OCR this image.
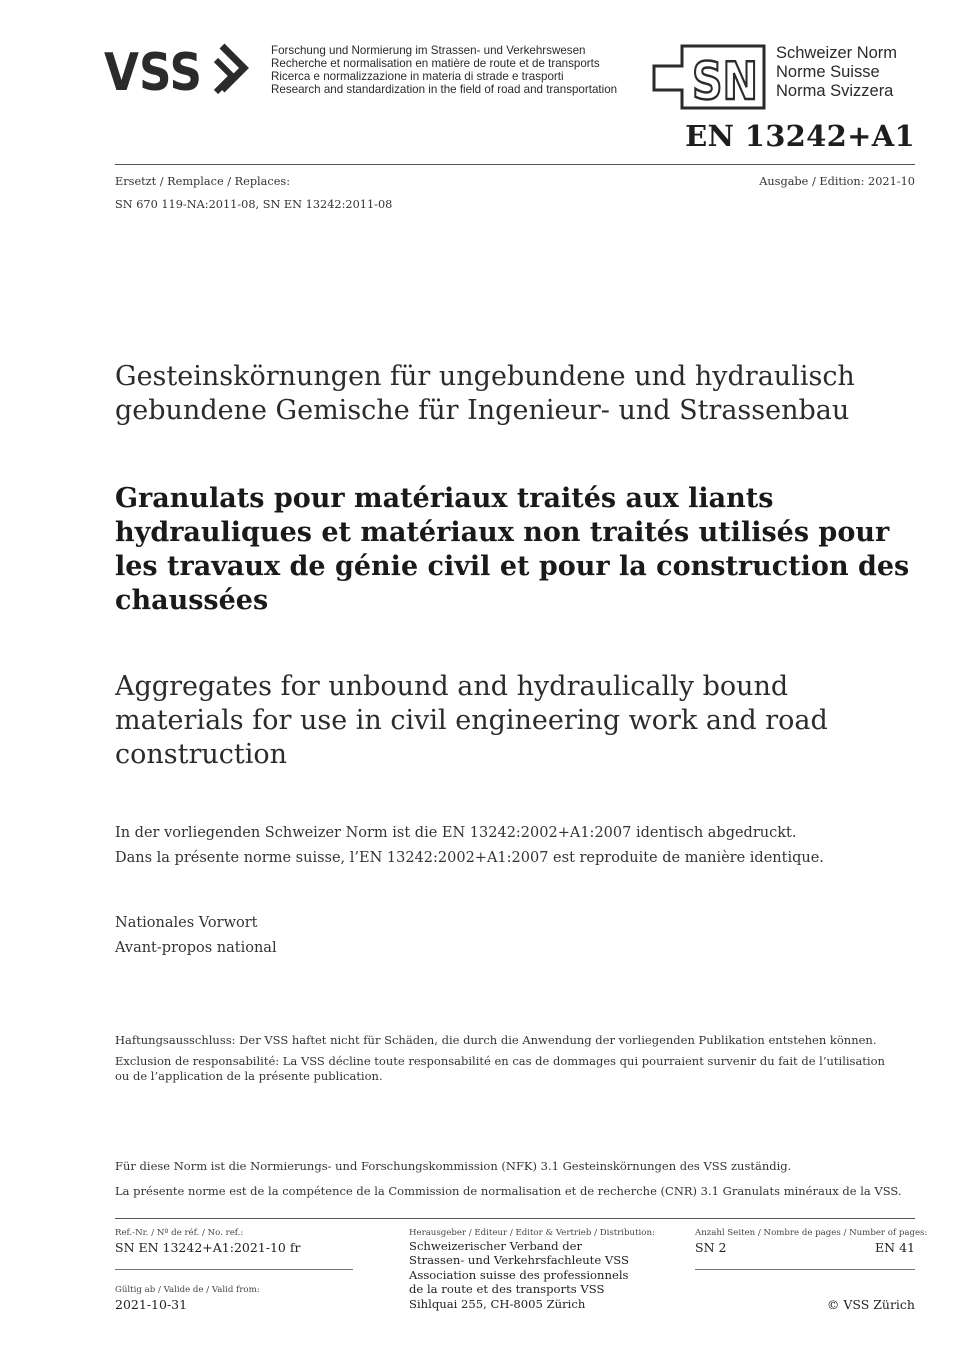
VSS	Forschung und Normierung im Strassen- und Verkehrswesen
Recherche et normalisation en matière de route et de transports
Ricerca e normalizzazione in materia di strade e trasporti
Research and standardization in the field of road and transportation SN Schweizer Norm
Norme Suisse
Norma Svizzera
EN 13242+A1
Ersetzt / Remplace / Replaces:	Ausgabe / Edition: 2021-10
SN 670 119-NA:2011-08, SN EN 13242:2011-08
Gesteinskörnungen für ungebundene und hydraulisch
gebundene Gemische für Ingenieur- und Strassenbau
Granulats pour matériaux traités aux liants
hydrauliques et matériaux non traités utilisés pour
les travaux de génie civil et pour la construction des
chaussées
Aggregates for unbound and hydraulically bound
materials for use in civil engineering work and road
construction
In der vorliegenden Schweizer Norm ist die EN 13242:2002+A1:2007 identisch abgedruckt.
Dans la présente norme suisse, l’EN 13242:2002+A1:2007 est reproduite de manière identique.
Nationales Vorwort
Avant-propos national
Haftungsausschluss: Der VSS haftet nicht für Schäden, die durch die Anwendung der vorliegenden Publikation entstehen können.
Exclusion de responsabilité: La VSS décline toute responsabilité en cas de dommages qui pourraient survenir du fait de l’utilisation
ou de l’application de la présente publication.
Für diese Norm ist die Normierungs- und Forschungskommission (NFK) 3.1 Gesteinskörnungen des VSS zuständig.
La présente norme est de la compétence de la Commission de normalisation et de recherche (CNR) 3.1 Granulats minéraux de la VSS.
Ref.-Nr. / Nº de réf. / No. ref.:
SN EN 13242+A1:2021-10 fr
Gültig ab / Valide de / Valid from:
2021-10-31
Herausgeber / Editeur / Editor & Vertrieb / Distribution:
Schweizerischer Verband der
Strassen- und Verkehrsfachleute VSS
Association suisse des professionnels
de la route et des transports VSS
Sihlquai 255, CH-8005 Zürich
Anzahl Seiten / Nombre de pages / Number of pages:
SN 2	EN 41
© VSS Zürich
